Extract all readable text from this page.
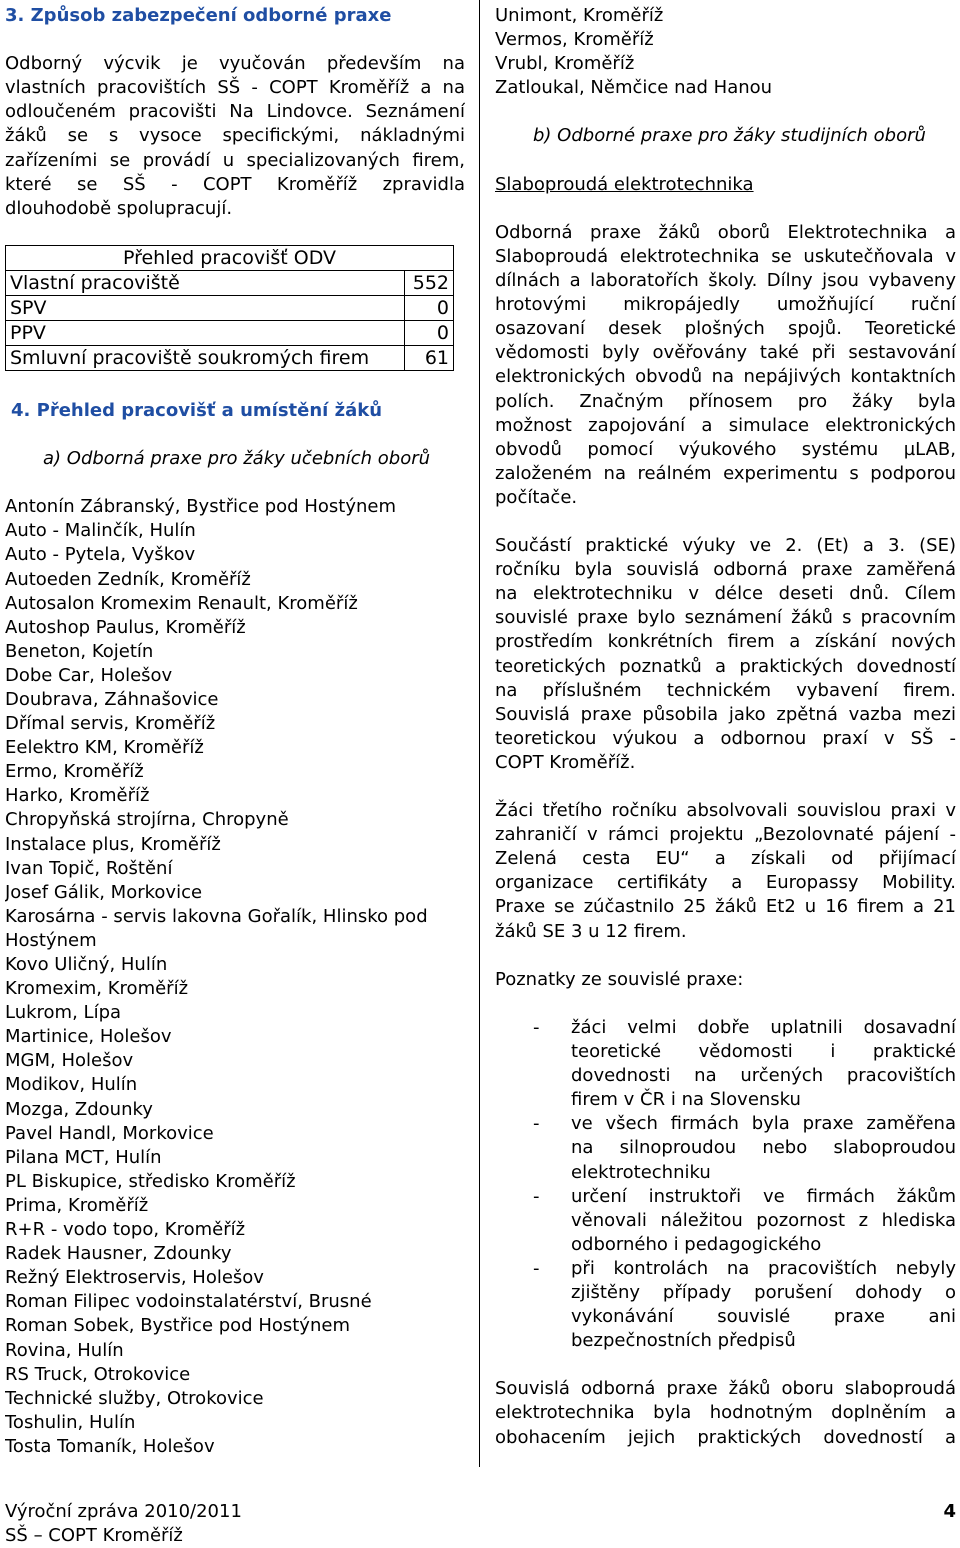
3. Způsob zabezpečení odborné praxe
Odborný výcvik je vyučován především na
vlastních pracovištích SŠ - COPT Kroměříž a na
odloučeném pracovišti Na Lindovce. Seznámení
žáků se s vysoce specifickými, nákladnými
zařízeními se provádí u specializovaných firem,
které se SŠ - COPT Kroměříž zpravidla
dlouhodobě spolupracují.
Přehled pracovišť ODV	
Vlastní pracoviště	552
SPV	0
PPV	0
Smluvní pracoviště soukromých firem	61
4. Přehled pracovišť a umístění žáků
a) Odborná praxe pro žáky učebních oborů
Antonín Zábranský, Bystřice pod Hostýnem
Auto - Malinčík, Hulín
Auto - Pytela, Vyškov
Autoeden Zedník, Kroměříž
Autosalon Kromexim Renault, Kroměříž
Autoshop Paulus, Kroměříž
Beneton, Kojetín
Dobe Car, Holešov
Doubrava, Záhnašovice
Dřímal servis, Kroměříž
Eelektro KM, Kroměříž
Ermo, Kroměříž
Harko, Kroměříž
Chropyňská strojírna, Chropyně
Instalace plus, Kroměříž
Ivan Topič, Roštění
Josef Gálik, Morkovice
Karosárna - servis lakovna Gořalík, Hlinsko pod
Hostýnem
Kovo Uličný, Hulín
Kromexim, Kroměříž
Lukrom, Lípa
Martinice, Holešov
MGM, Holešov
Modikov, Hulín
Mozga, Zdounky
Pavel Handl, Morkovice
Pilana MCT, Hulín
PL Biskupice, středisko Kroměříž
Prima, Kroměříž
R+R - vodo topo, Kroměříž
Radek Hausner, Zdounky
Režný Elektroservis, Holešov
Roman Filipec vodoinstalatérství, Brusné
Roman Sobek, Bystřice pod Hostýnem
Rovina, Hulín
RS Truck, Otrokovice
Technické služby, Otrokovice
Toshulin, Hulín
Tosta Tomaník, Holešov
Unimont, Kroměříž
Vermos, Kroměříž
Vrubl, Kroměříž
Zatloukal, Němčice nad Hanou
b) Odborné praxe pro žáky studijních oborů
Slaboproudá elektrotechnika
Odborná praxe žáků oborů Elektrotechnika a
Slaboproudá elektrotechnika se uskutečňovala v
dílnách a laboratořích školy. Dílny jsou vybaveny
hrotovými mikropájedly umožňující ruční
osazovaní desek plošných spojů. Teoretické
vědomosti byly ověřovány také při sestavování
elektronických obvodů na nepájivých kontaktních
polích. Značným přínosem pro žáky byla
možnost zapojování a simulace elektronických
obvodů pomocí výukového systému µLAB,
založeném na reálném experimentu s podporou
počítače.
Součástí praktické výuky ve 2. (Et) a 3. (SE)
ročníku byla souvislá odborná praxe zaměřená
na elektrotechniku v délce deseti dnů. Cílem
souvislé praxe bylo seznámení žáků s pracovním
prostředím konkrétních firem a získání nových
teoretických poznatků a praktických dovedností
na příslušném technickém vybavení firem.
Souvislá praxe působila jako zpětná vazba mezi
teoretickou výukou a odbornou praxí v SŠ -
COPT Kroměříž.
Žáci třetího ročníku absolvovali souvislou praxi v
zahraničí v rámci projektu „Bezolovnaté pájení -
Zelená cesta EU“ a získali od přijímací
organizace certifikáty a Europassy Mobility.
Praxe se zúčastnilo 25 žáků Et2 u 16 firem a 21
žáků SE 3 u 12 firem.
Poznatky ze souvislé praxe:
- žáci velmi dobře uplatnili dosavadní
teoretické vědomosti i praktické
dovednosti na určených pracovištích
firem v ČR i na Slovensku
- ve všech firmách byla praxe zaměřena
na silnoproudou nebo slaboproudou
elektrotechniku
- určení instruktoři ve firmách žákům
věnovali náležitou pozornost z hlediska
odborného i pedagogického
- při kontrolách na pracovištích nebyly
zjištěny případy porušení dohody o
vykonávání souvislé praxe ani
bezpečnostních předpisů
Souvislá odborná praxe žáků oboru slaboproudá
elektrotechnika byla hodnotným doplněním a
obohacením jejich praktických dovedností a
Výroční zpráva 2010/2011	4
SŠ – COPT Kroměříž
